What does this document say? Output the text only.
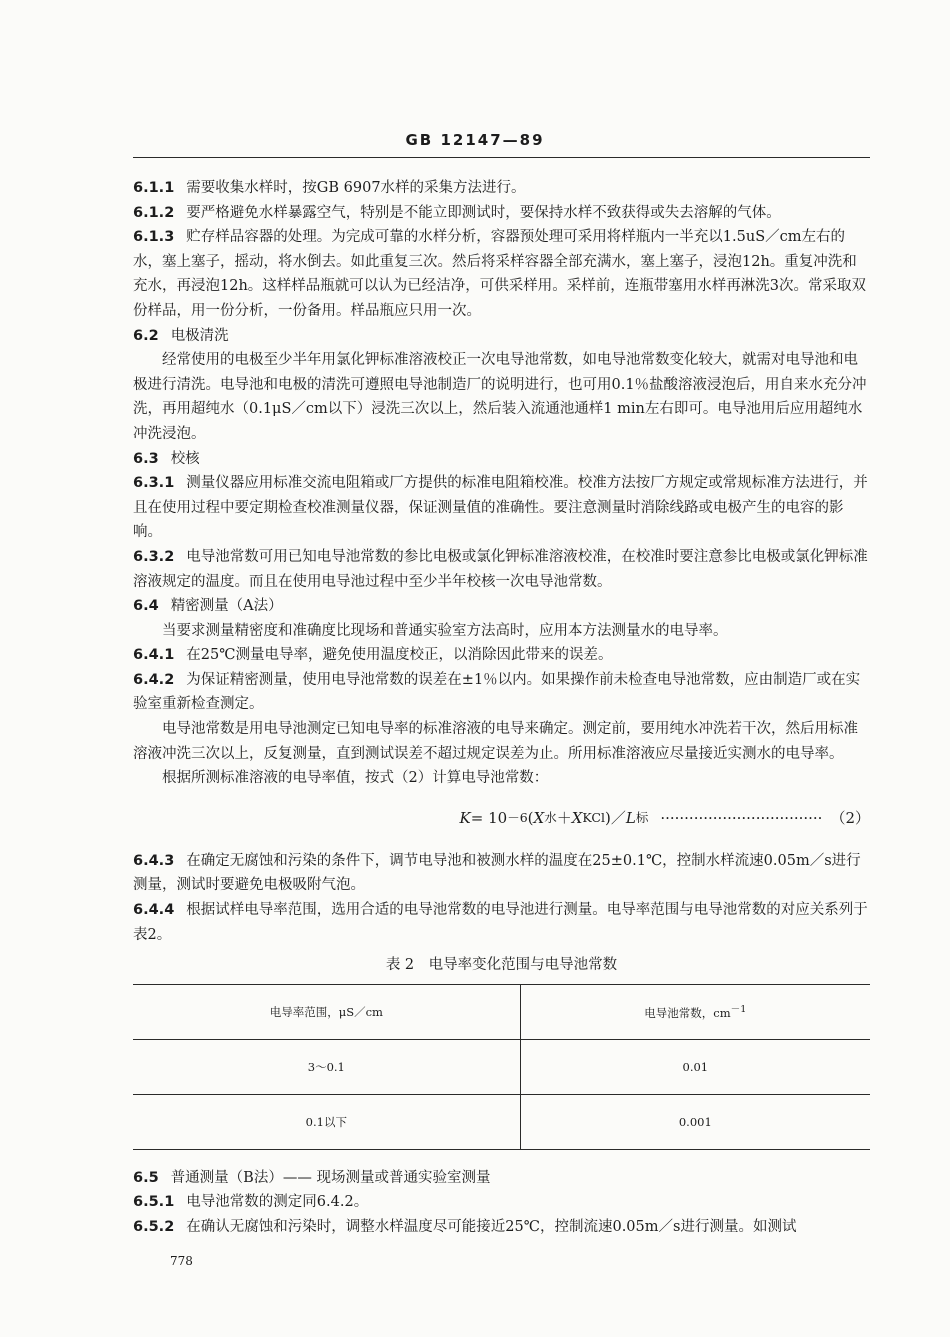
GB 12147—89

6.1.1 需要收集水样时，按GB 6907水样的采集方法进行。

6.1.2 要严格避免水样暴露空气，特别是不能立即测试时，要保持水样不致获得或失去溶解的气体。

6.1.3 贮存样品容器的处理。为完成可靠的水样分析，容器预处理可采用将样瓶内一半充以1.5uS／cm左右的水，塞上塞子，摇动，将水倒去。如此重复三次。然后将采样容器全部充满水，塞上塞子，浸泡12h。重复冲洗和充水，再浸泡12h。这样样品瓶就可以认为已经洁净，可供采样用。采样前，连瓶带塞用水样再淋洗3次。常采取双份样品，用一份分析，一份备用。样品瓶应只用一次。

6.2 电极清洗

经常使用的电极至少半年用氯化钾标准溶液校正一次电导池常数，如电导池常数变化较大，就需对电导池和电极进行清洗。电导池和电极的清洗可遵照电导池制造厂的说明进行，也可用0.1％盐酸溶液浸泡后，用自来水充分冲洗，再用超纯水（0.1μS／cm以下）浸洗三次以上，然后装入流通池通样1 min左右即可。电导池用后应用超纯水冲洗浸泡。

6.3 校核

6.3.1 测量仪器应用标准交流电阻箱或厂方提供的标准电阻箱校准。校准方法按厂方规定或常规标准方法进行，并且在使用过程中要定期检查校准测量仪器，保证测量值的准确性。要注意测量时消除线路或电极产生的电容的影响。

6.3.2 电导池常数可用已知电导池常数的参比电极或氯化钾标准溶液校准，在校准时要注意参比电极或氯化钾标准溶液规定的温度。而且在使用电导池过程中至少半年校核一次电导池常数。

6.4 精密测量（A法）

当要求测量精密度和准确度比现场和普通实验室方法高时，应用本方法测量水的电导率。

6.4.1 在25℃测量电导率，避免使用温度校正，以消除因此带来的误差。

6.4.2 为保证精密测量，使用电导池常数的误差在±1％以内。如果操作前未检查电导池常数，应由制造厂或在实验室重新检查测定。

电导池常数是用电导池测定已知电导率的标准溶液的电导来确定。测定前，要用纯水冲洗若干次，然后用标准溶液冲洗三次以上，反复测量，直到测试误差不超过规定误差为止。所用标准溶液应尽量接近实测水的电导率。

根据所测标准溶液的电导率值，按式（2）计算电导池常数：

K = 10 －6 ( X 水 ＋ X KCl )／ L 标 ·································· （2）

6.4.3 在确定无腐蚀和污染的条件下，调节电导池和被测水样的温度在25±0.1℃，控制水样流速0.05m／s进行测量，测试时要避免电极吸附气泡。

6.4.4 根据试样电导率范围，选用合适的电导池常数的电导池进行测量。电导率范围与电导池常数的对应关系列于表2。

表 2　电导率变化范围与电导池常数
电导率范围，μS／cm	电导池常数，$cm^{-1}$
3～0.1	0.01
0.1以下	0.001

6.5 普通测量（B法）—— 现场测量或普通实验室测量

6.5.1 电导池常数的测定同6.4.2。

6.5.2 在确认无腐蚀和污染时，调整水样温度尽可能接近25℃，控制流速0.05m／s进行测量。如测试

778
